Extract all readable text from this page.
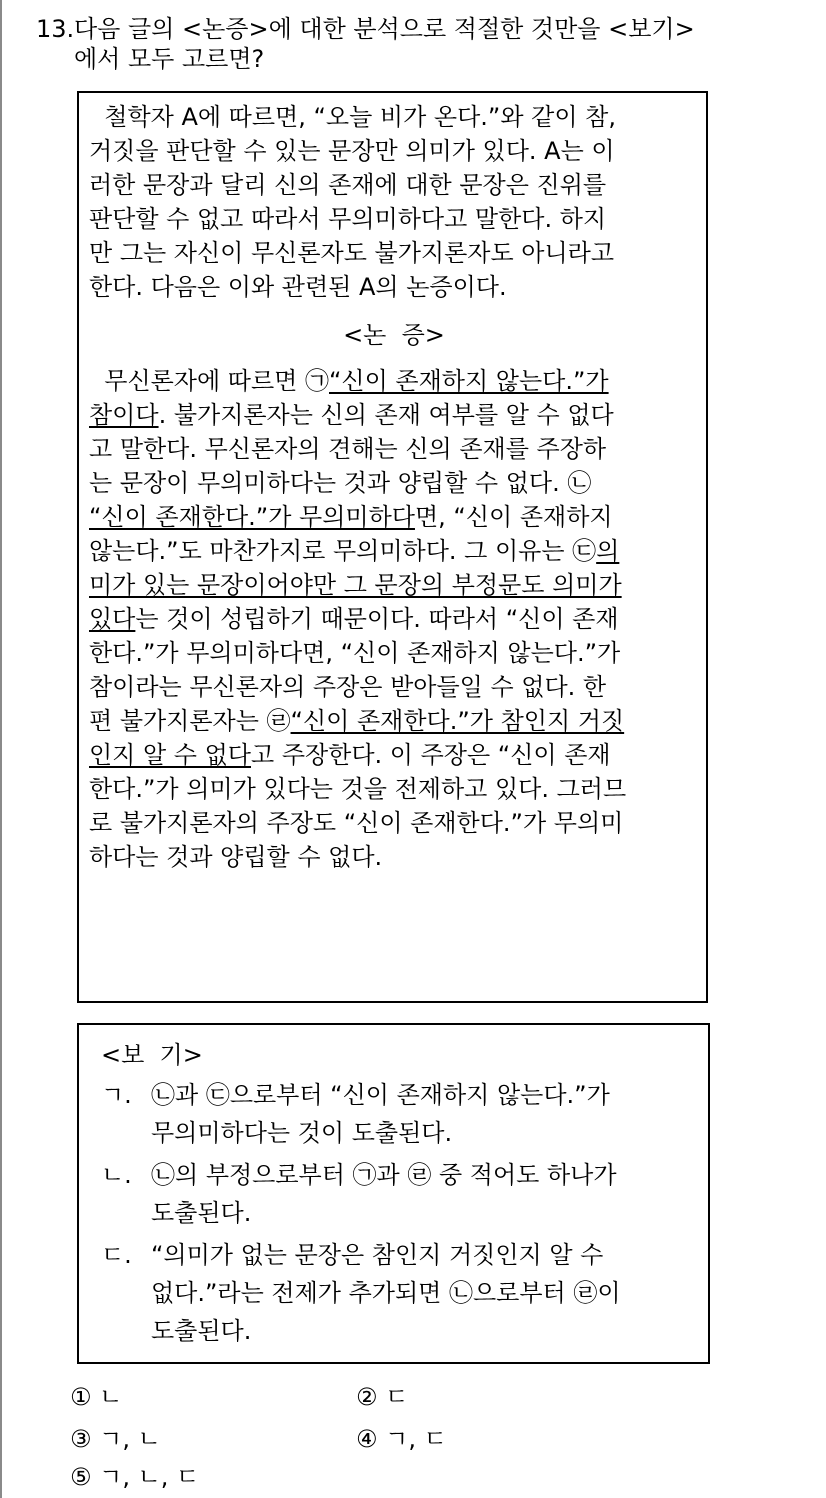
13.다음 글의 <논증>에 대한 분석으로 적절한 것만을 <보기>
에서 모두 고르면?
철학자 A에 따르면, “오늘 비가 온다.”와 같이 참,
거짓을 판단할 수 있는 문장만 의미가 있다. A는 이
러한 문장과 달리 신의 존재에 대한 문장은 진위를
판단할 수 없고 따라서 무의미하다고 말한다. 하지
만 그는 자신이 무신론자도 불가지론자도 아니라고
한다. 다음은 이와 관련된 A의 논증이다.
<논  증>
무신론자에 따르면 ㉠“신이 존재하지 않는다.”가
참이다. 불가지론자는 신의 존재 여부를 알 수 없다
고 말한다. 무신론자의 견해는 신의 존재를 주장하
는 문장이 무의미하다는 것과 양립할 수 없다. ㉡
“신이 존재한다.”가 무의미하다면, “신이 존재하지
않는다.”도 마찬가지로 무의미하다. 그 이유는 ㉢의
미가 있는 문장이어야만 그 문장의 부정문도 의미가
있다는 것이 성립하기 때문이다. 따라서 “신이 존재
한다.”가 무의미하다면, “신이 존재하지 않는다.”가
참이라는 무신론자의 주장은 받아들일 수 없다. 한
편 불가지론자는 ㉣“신이 존재한다.”가 참인지 거짓
인지 알 수 없다고 주장한다. 이 주장은 “신이 존재
한다.”가 의미가 있다는 것을 전제하고 있다. 그러므
로 불가지론자의 주장도 “신이 존재한다.”가 무의미
하다는 것과 양립할 수 없다.
<보  기>
ㄱ. ㉡과 ㉢으로부터 “신이 존재하지 않는다.”가
무의미하다는 것이 도출된다.
ㄴ. ㉡의 부정으로부터 ㉠과 ㉣ 중 적어도 하나가
도출된다.
ㄷ. “의미가 없는 문장은 참인지 거짓인지 알 수
없다.”라는 전제가 추가되면 ㉡으로부터 ㉣이
도출된다.
① ㄴ	② ㄷ
③ ㄱ, ㄴ	④ ㄱ, ㄷ
⑤ ㄱ, ㄴ, ㄷ
